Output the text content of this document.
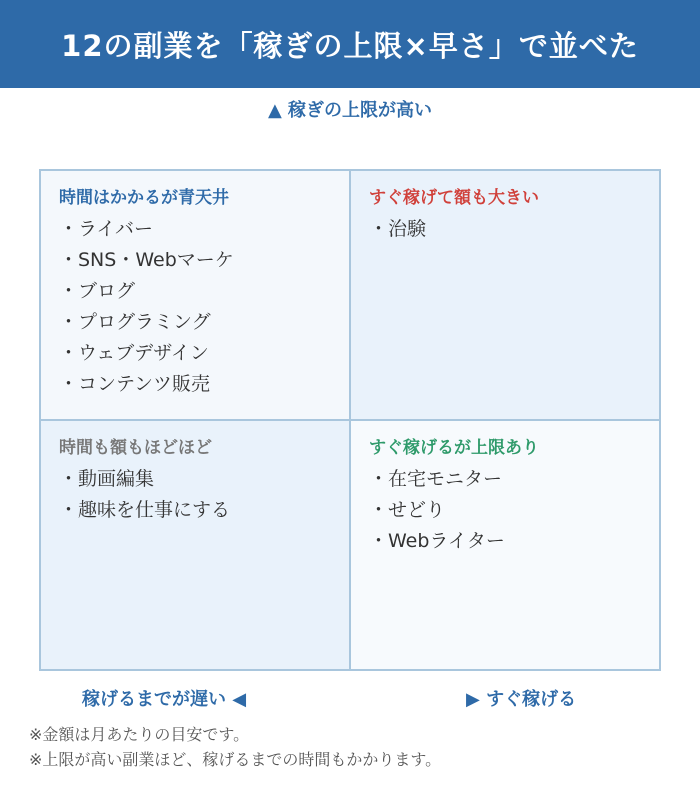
12の副業を「稼ぎの上限×早さ」で並べた
▲ 稼ぎの上限が高い
時間はかかるが青天井
・ライバー
・SNS・Webマーケ
・ブログ
・プログラミング
・ウェブデザイン
・コンテンツ販売
すぐ稼げて額も大きい
・治験
時間も額もほどほど
・動画編集
・趣味を仕事にする
すぐ稼げるが上限あり
・在宅モニター
・せどり
・Webライター
稼げるまでが遅い ◀	▶ すぐ稼げる
※金額は月あたりの目安です。
※上限が高い副業ほど、稼げるまでの時間もかかります。
